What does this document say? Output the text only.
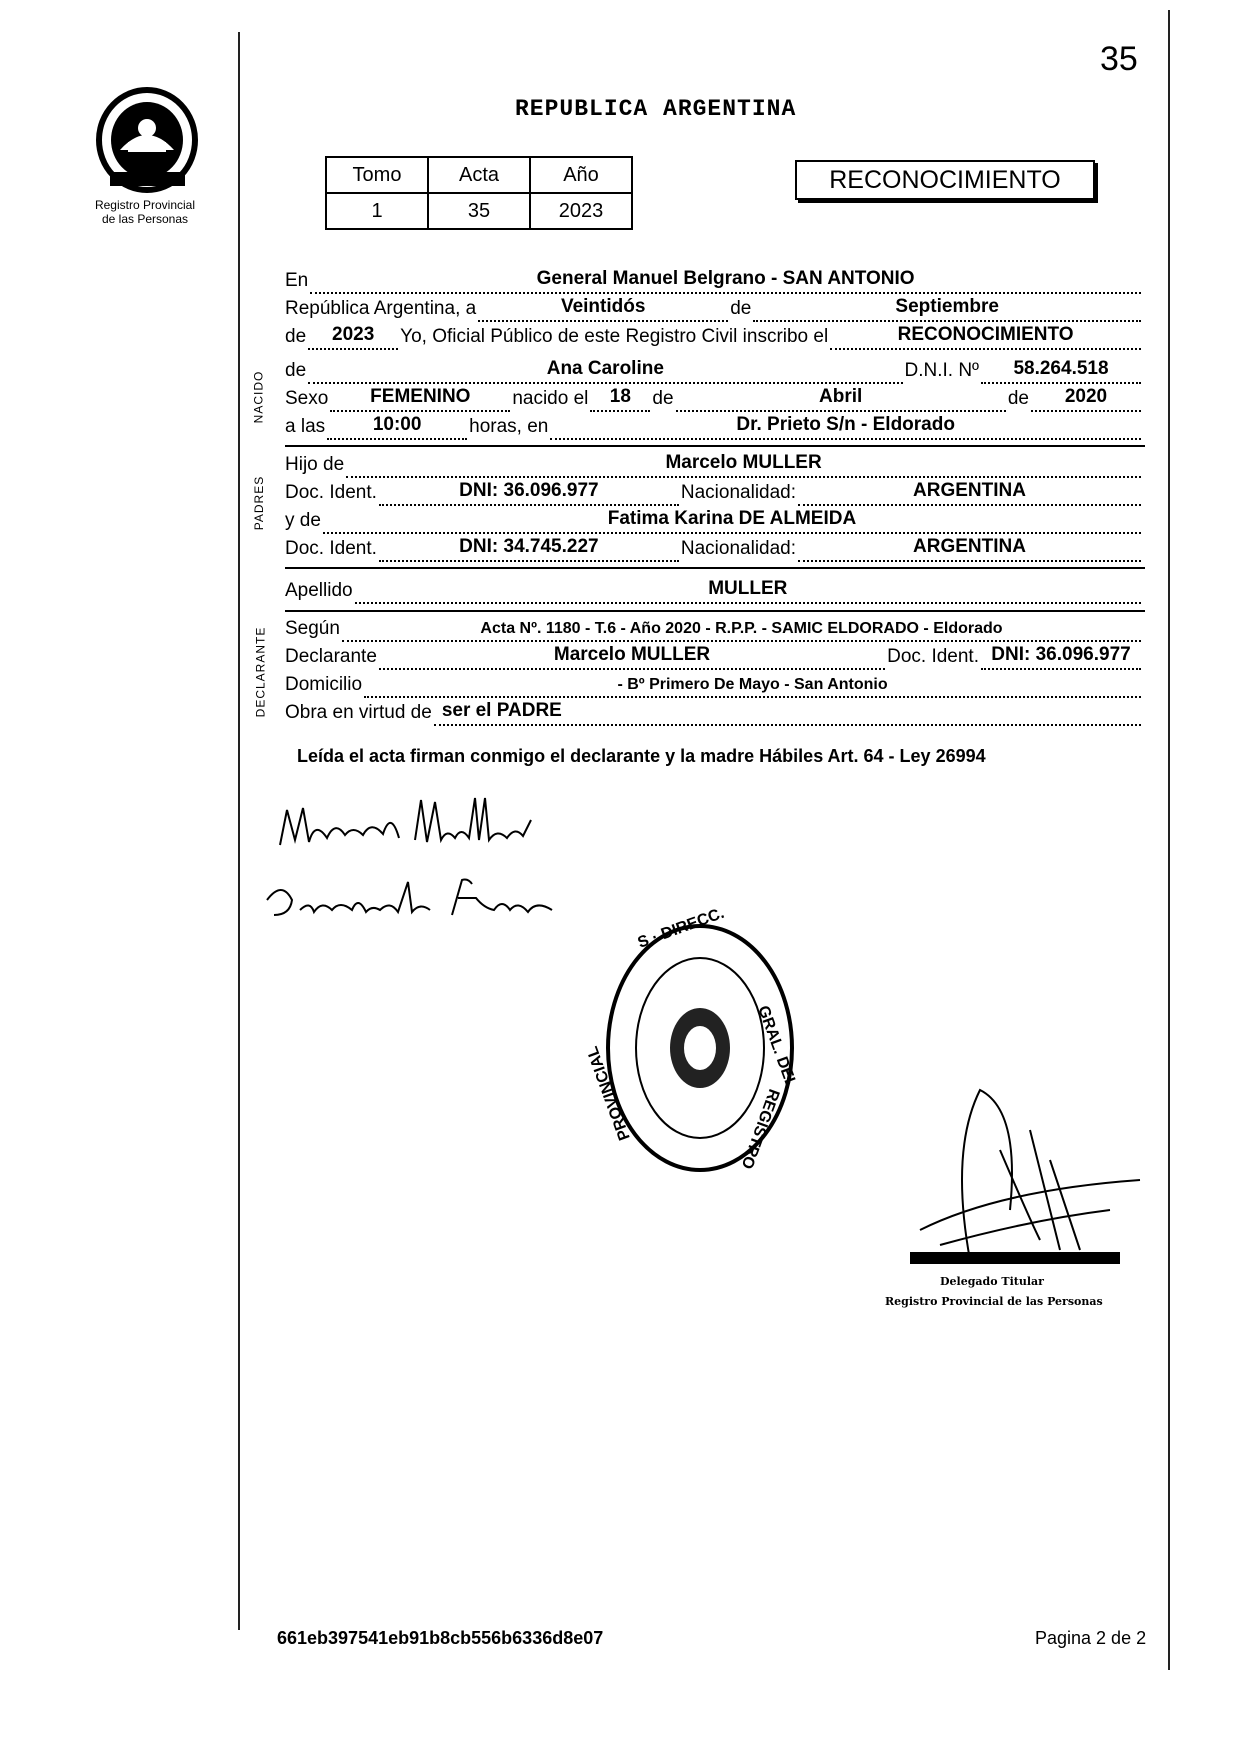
35
Registro Provincial
de las Personas
REPUBLICA ARGENTINA
Tomo	Acta	Año
1	35	2023
RECONOCIMIENTO
NACIDO
PADRES
DECLARANTE
En	General Manuel Belgrano - SAN ANTONIO
República Argentina, a	Veintidós	de	Septiembre
de	2023	Yo, Oficial Público de este Registro Civil inscribo el	RECONOCIMIENTO
de	Ana Caroline	D.N.I. Nº	58.264.518
Sexo	FEMENINO	nacido el	18	de	Abril	de	2020
a las	10:00	horas, en	Dr. Prieto S/n - Eldorado
Hijo de	Marcelo MULLER
Doc. Ident.	DNI: 36.096.977	Nacionalidad:	ARGENTINA
y de	Fatima Karina DE ALMEIDA
Doc. Ident.	DNI: 34.745.227	Nacionalidad:	ARGENTINA
Apellido	MULLER
Según	Acta Nº. 1180 - T.6 - Año 2020 - R.P.P. - SAMIC ELDORADO - Eldorado
Declarante	Marcelo MULLER	Doc. Ident. DNI: 36.096.977
Domicilio	- Bº Primero De Mayo - San Antonio
Obra en virtud de ser el PADRE
Leída el acta firman conmigo el declarante y la madre Hábiles Art. 64 - Ley 26994
S · DIRECC.
GRAL. DEL
REGISTRO
PROVINCIAL
Delegado Titular
Registro Provincial de las Personas
661eb397541eb91b8cb556b6336d8e07	Pagina 2 de 2
